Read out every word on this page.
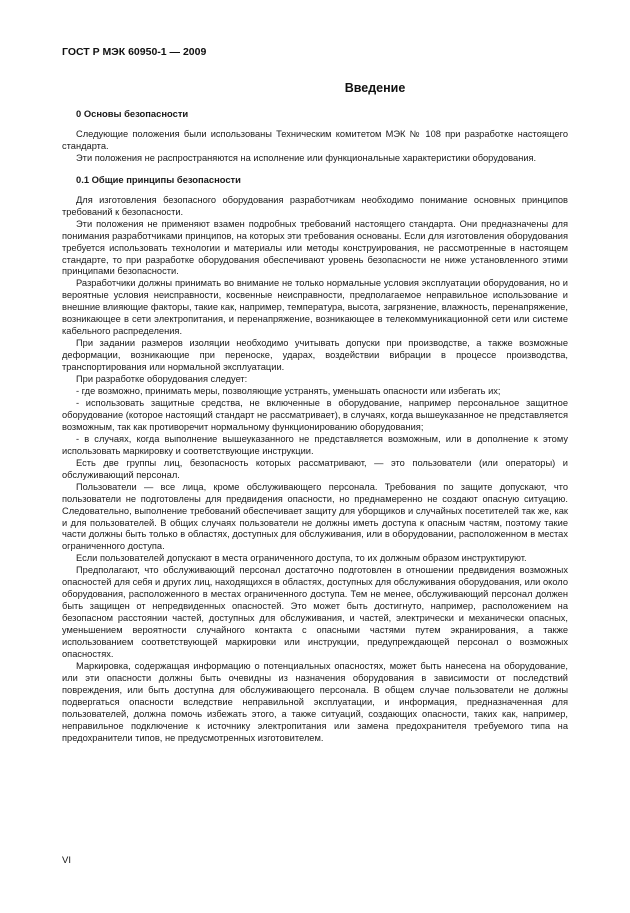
ГОСТ Р МЭК 60950-1 — 2009
Введение
0 Основы безопасности

Следующие положения были использованы Техническим комитетом МЭК № 108 при разработке настоящего стандарта.

Эти положения не распространяются на исполнение или функциональные характеристики оборудования.

0.1 Общие принципы безопасности

Для изготовления безопасного оборудования разработчикам необходимо понимание основных принципов требований к безопасности.

Эти положения не применяют взамен подробных требований настоящего стандарта. Они предназначены для понимания разработчиками принципов, на которых эти требования основаны. Если для изготовления оборудования требуется использовать технологии и материалы или методы конструирования, не рассмотренные в настоящем стандарте, то при разработке оборудования обеспечивают уровень безопасности не ниже установленного этими принципами безопасности.

Разработчики должны принимать во внимание не только нормальные условия эксплуатации оборудования, но и вероятные условия неисправности, косвенные неисправности, предполагаемое неправильное использование и внешние влияющие факторы, такие как, например, температура, высота, загрязнение, влажность, перенапряжение, возникающее в сети электропитания, и перенапряжение, возникающее в телекоммуникационной сети или системе кабельного распределения.

При задании размеров изоляции необходимо учитывать допуски при производстве, а также возможные деформации, возникающие при переноске, ударах, воздействии вибрации в процессе производства, транспортирования или нормальной эксплуатации.

При разработке оборудования следует:

- где возможно, принимать меры, позволяющие устранять, уменьшать опасности или избегать их;

- использовать защитные средства, не включенные в оборудование, например персональное защитное оборудование (которое настоящий стандарт не рассматривает), в случаях, когда вышеуказанное не представляется возможным, так как противоречит нормальному функционированию оборудования;

- в случаях, когда выполнение вышеуказанного не представляется возможным, или в дополнение к этому использовать маркировку и соответствующие инструкции.

Есть две группы лиц, безопасность которых рассматривают, — это пользователи (или операторы) и обслуживающий персонал.

Пользователи — все лица, кроме обслуживающего персонала. Требования по защите допускают, что пользователи не подготовлены для предвидения опасности, но преднамеренно не создают опасную ситуацию. Следовательно, выполнение требований обеспечивает защиту для уборщиков и случайных посетителей так же, как и для пользователей. В общих случаях пользователи не должны иметь доступа к опасным частям, поэтому такие части должны быть только в областях, доступных для обслуживания, или в оборудовании, расположенном в местах ограниченного доступа.

Если пользователей допускают в места ограниченного доступа, то их должным образом инструктируют.

Предполагают, что обслуживающий персонал достаточно подготовлен в отношении предвидения возможных опасностей для себя и других лиц, находящихся в областях, доступных для обслуживания оборудования, или около оборудования, расположенного в местах ограниченного доступа. Тем не менее, обслуживающий персонал должен быть защищен от непредвиденных опасностей. Это может быть достигнуто, например, расположением на безопасном расстоянии частей, доступных для обслуживания, и частей, электрически и механически опасных, уменьшением вероятности случайного контакта с опасными частями путем экранирования, а также использованием соответствующей маркировки или инструкции, предупреждающей персонал о возможных опасностях.

Маркировка, содержащая информацию о потенциальных опасностях, может быть нанесена на оборудование, или эти опасности должны быть очевидны из назначения оборудования в зависимости от последствий повреждения, или быть доступна для обслуживающего персонала. В общем случае пользователи не должны подвергаться опасности вследствие неправильной эксплуатации, и информация, предназначенная для пользователей, должна помочь избежать этого, а также ситуаций, создающих опасности, таких как, например, неправильное подключение к источнику электропитания или замена предохранителя требуемого типа на предохранители типов, не предусмотренных изготовителем.

VI
